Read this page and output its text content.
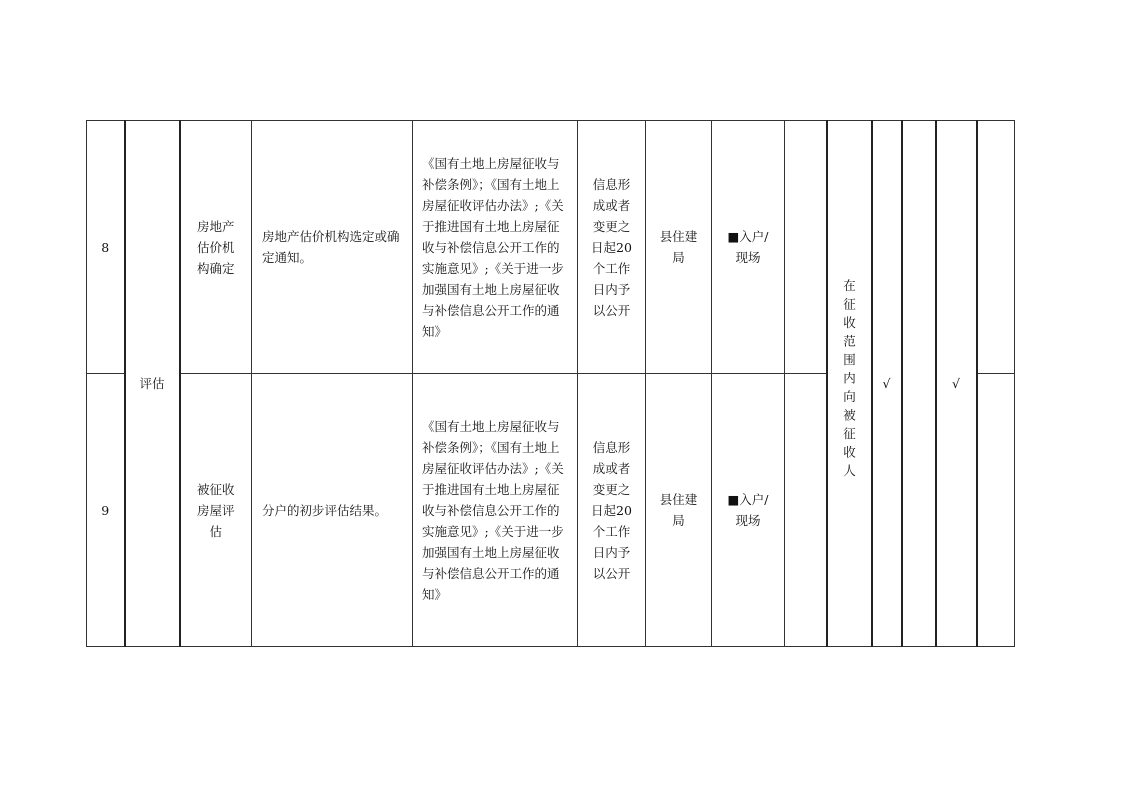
8	评估	房地产估价机构确定	房地产估价机构选定或确定通知。	《国有土地上房屋征收与补偿条例》；《国有土地上房屋征收评估办法》;《关于推进国有土地上房屋征收与补偿信息公开工作的实施意见》;《关于进一步加强国有土地上房屋征收与补偿信息公开工作的通知》	信息形成或者变更之日起20个工作日内予以公开	县住建局	■入户/现场		在征收范围内向被征收人	√		√	
9		被征收房屋评估	分户的初步评估结果。	《国有土地上房屋征收与补偿条例》；《国有土地上房屋征收评估办法》;《关于推进国有土地上房屋征收与补偿信息公开工作的实施意见》;《关于进一步加强国有土地上房屋征收与补偿信息公开工作的通知》	信息形成或者变更之日起20个工作日内予以公开	县住建局	■入户/现场						
